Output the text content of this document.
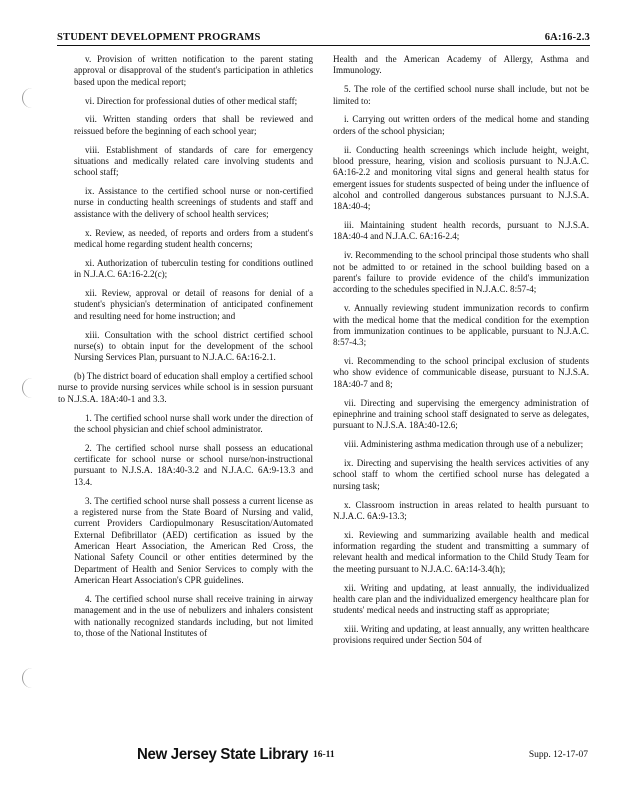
STUDENT DEVELOPMENT PROGRAMS	6A:16-2.3

v. Provision of written notification to the parent stating approval or disapproval of the student's participation in athletics based upon the medical report;

vi. Direction for professional duties of other medical staff;

vii. Written standing orders that shall be reviewed and reissued before the beginning of each school year;

viii. Establishment of standards of care for emergency situations and medically related care involving students and school staff;

ix. Assistance to the certified school nurse or non-certified nurse in conducting health screenings of students and staff and assistance with the delivery of school health services;

x. Review, as needed, of reports and orders from a student's medical home regarding student health concerns;

xi. Authorization of tuberculin testing for conditions outlined in N.J.A.C. 6A:16-2.2(c);

xii. Review, approval or detail of reasons for denial of a student's physician's determination of anticipated confinement and resulting need for home instruction; and

xiii. Consultation with the school district certified school nurse(s) to obtain input for the development of the school Nursing Services Plan, pursuant to N.J.A.C. 6A:16-2.1.

(b) The district board of education shall employ a certified school nurse to provide nursing services while school is in session pursuant to N.J.S.A. 18A:40-1 and 3.3.

1. The certified school nurse shall work under the direction of the school physician and chief school administrator.

2. The certified school nurse shall possess an educational certificate for school nurse or school nurse/non-instructional pursuant to N.J.S.A. 18A:40-3.2 and N.J.A.C. 6A:9-13.3 and 13.4.

3. The certified school nurse shall possess a current license as a registered nurse from the State Board of Nursing and valid, current Providers Cardiopulmonary Resuscitation/Automated External Defibrillator (AED) certification as issued by the American Heart Association, the American Red Cross, the National Safety Council or other entities determined by the Department of Health and Senior Services to comply with the American Heart Association's CPR guidelines.

4. The certified school nurse shall receive training in airway management and in the use of nebulizers and inhalers consistent with nationally recognized standards including, but not limited to, those of the National Institutes of

Health and the American Academy of Allergy, Asthma and Immunology.

5. The role of the certified school nurse shall include, but not be limited to:

i. Carrying out written orders of the medical home and standing orders of the school physician;

ii. Conducting health screenings which include height, weight, blood pressure, hearing, vision and scoliosis pursuant to N.J.A.C. 6A:16-2.2 and monitoring vital signs and general health status for emergent issues for students suspected of being under the influence of alcohol and controlled dangerous substances pursuant to N.J.S.A. 18A:40-4;

iii. Maintaining student health records, pursuant to N.J.S.A. 18A:40-4 and N.J.A.C. 6A:16-2.4;

iv. Recommending to the school principal those students who shall not be admitted to or retained in the school building based on a parent's failure to provide evidence of the child's immunization according to the schedules specified in N.J.A.C. 8:57-4;

v. Annually reviewing student immunization records to confirm with the medical home that the medical condition for the exemption from immunization continues to be applicable, pursuant to N.J.A.C. 8:57-4.3;

vi. Recommending to the school principal exclusion of students who show evidence of communicable disease, pursuant to N.J.S.A. 18A:40-7 and 8;

vii. Directing and supervising the emergency administration of epinephrine and training school staff designated to serve as delegates, pursuant to N.J.S.A. 18A:40-12.6;

viii. Administering asthma medication through use of a nebulizer;

ix. Directing and supervising the health services activities of any school staff to whom the certified school nurse has delegated a nursing task;

x. Classroom instruction in areas related to health pursuant to N.J.A.C. 6A:9-13.3;

xi. Reviewing and summarizing available health and medical information regarding the student and transmitting a summary of relevant health and medical information to the Child Study Team for the meeting pursuant to N.J.A.C. 6A:14-3.4(h);

xii. Writing and updating, at least annually, the individualized health care plan and the individualized emergency healthcare plan for students' medical needs and instructing staff as appropriate;

xiii. Writing and updating, at least annually, any written healthcare provisions required under Section 504 of

New Jersey State Library 16-11	Supp. 12-17-07
